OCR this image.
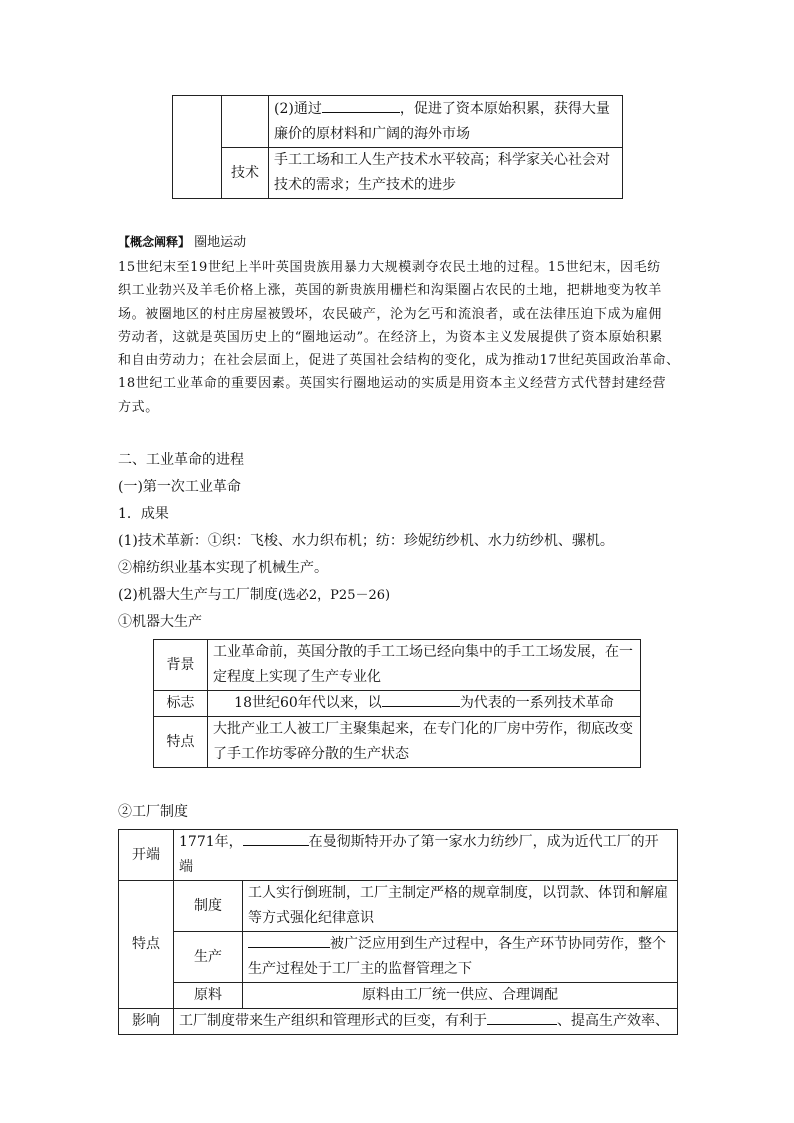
		(2)通过 ，促进了资本原始积累，获得大量
廉价的原材料和广阔的海外市场
	技术	手工工场和工人生产技术水平较高；科学家关心社会对
技术的需求；生产技术的进步
【概念阐释】 圈地运动
15世纪末至19世纪上半叶英国贵族用暴力大规模剥夺农民土地的过程。15世纪末，因毛纺
织工业勃兴及羊毛价格上涨，英国的新贵族用栅栏和沟渠圈占农民的土地，把耕地变为牧羊
场。被圈地区的村庄房屋被毁坏，农民破产，沦为乞丐和流浪者，或在法律压迫下成为雇佣
劳动者，这就是英国历史上的“圈地运动”。在经济上，为资本主义发展提供了资本原始积累
和自由劳动力；在社会层面上，促进了英国社会结构的变化，成为推动17世纪英国政治革命、
18世纪工业革命的重要因素。英国实行圈地运动的实质是用资本主义经营方式代替封建经营
方式。
二、工业革命的进程
(一)第一次工业革命
1．成果
(1)技术革新：①织：飞梭、水力织布机；纺：珍妮纺纱机、水力纺纱机、骡机。
②棉纺织业基本实现了机械生产。
(2)机器大生产与工厂制度(选必2，P25－26)
①机器大生产
背景	工业革命前，英国分散的手工工场已经向集中的手工工场发展，在一
定程度上实现了生产专业化
标志	18世纪60年代以来，以 为代表的一系列技术革命
特点	大批产业工人被工厂主聚集起来，在专门化的厂房中劳作，彻底改变
了手工作坊零碎分散的生产状态
②工厂制度
开端	1771年， 在曼彻斯特开办了第一家水力纺纱厂，成为近代工厂的开端	
特点	制度	工人实行倒班制，工厂主制定严格的规章制度，以罚款、体罚和解雇
等方式强化纪律意识
	生产	被广泛应用到生产过程中，各生产环节协同劳作，整个
生产过程处于工厂主的监督管理之下
	原料	原料由工厂统一供应、合理调配
影响	工厂制度带来生产组织和管理形式的巨变，有利于 、提高生产效率、	
